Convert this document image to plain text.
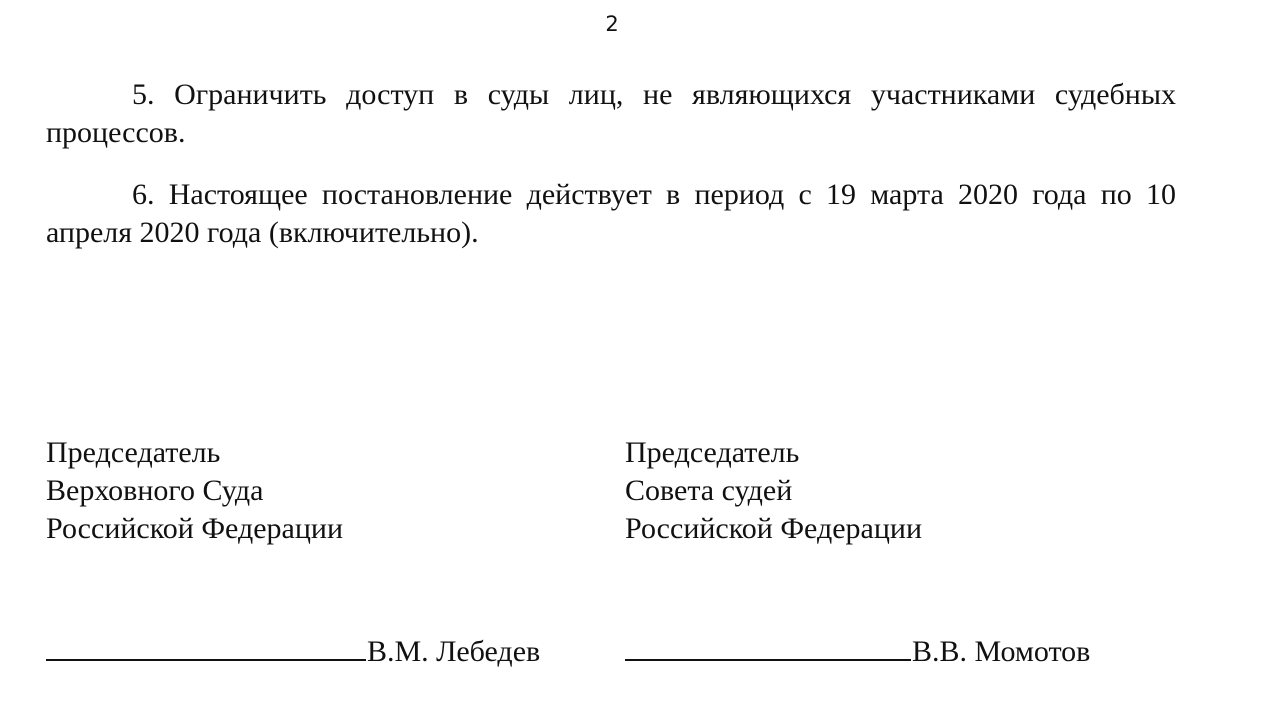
2

5. Ограничить доступ в суды лиц, не являющихся участниками судебных процессов.

6. Настоящее постановление действует в период с 19 марта 2020 года по 10 апреля 2020 года (включительно).

Председатель
Верховного Суда
Российской Федерации
Председатель
Совета судей
Российской Федерации
В.М. Лебедев	В.В. Момотов
